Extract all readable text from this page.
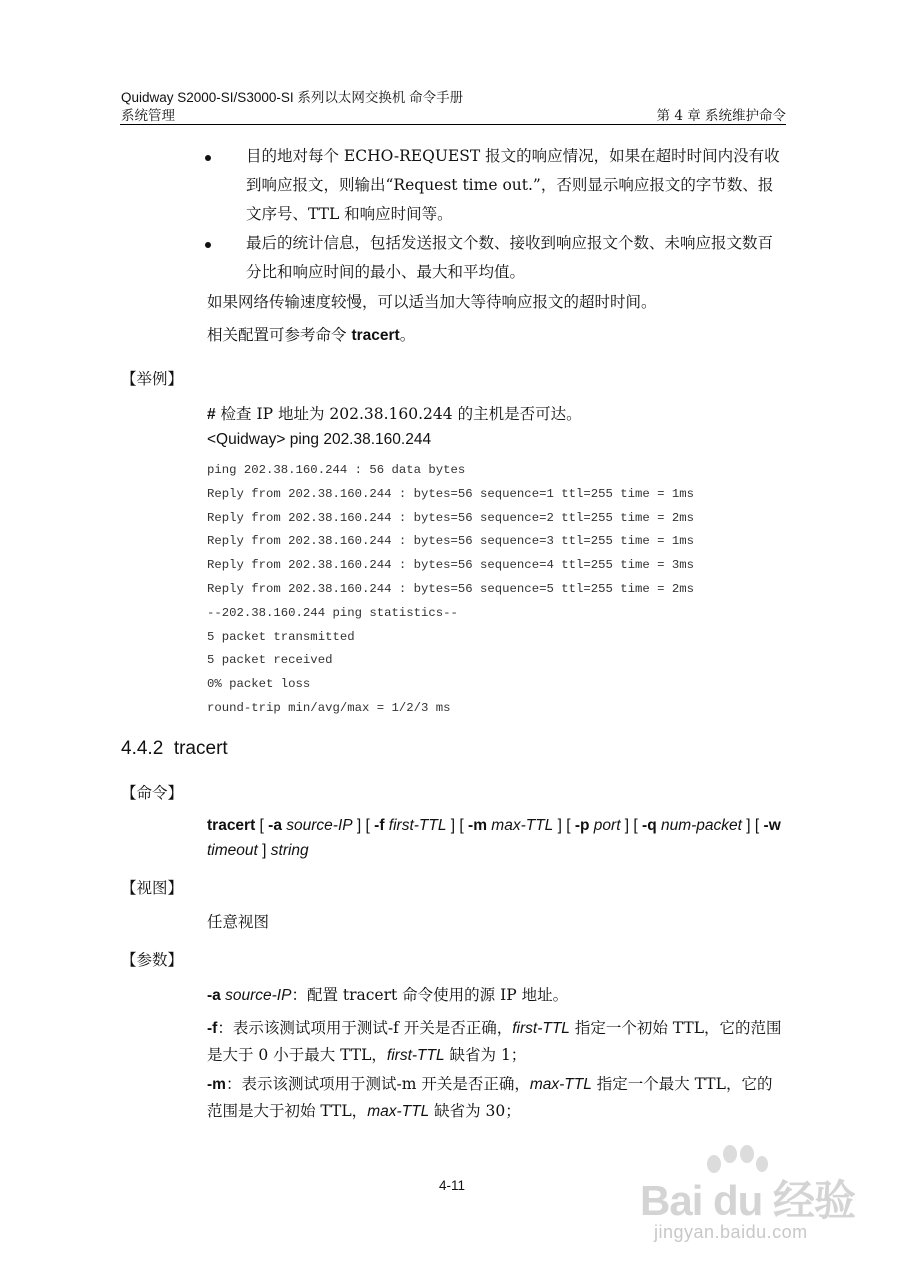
Quidway S2000-SI/S3000-SI 系列以太网交换机 命令手册
系统管理	第 4 章 系统维护命令
目的地对每个 ECHO-REQUEST 报文的响应情况，如果在超时时间内没有收
到响应报文，则输出“Request time out.”，否则显示响应报文的字节数、报
文序号、TTL 和响应时间等。
最后的统计信息，包括发送报文个数、接收到响应报文个数、未响应报文数百
分比和响应时间的最小、最大和平均值。
如果网络传输速度较慢，可以适当加大等待响应报文的超时时间。
相关配置可参考命令 tracert。
【举例】
# 检查 IP 地址为 202.38.160.244 的主机是否可达。
<Quidway> ping 202.38.160.244
ping 202.38.160.244 : 56 data bytes
Reply from 202.38.160.244 : bytes=56 sequence=1 ttl=255 time = 1ms
Reply from 202.38.160.244 : bytes=56 sequence=2 ttl=255 time = 2ms
Reply from 202.38.160.244 : bytes=56 sequence=3 ttl=255 time = 1ms
Reply from 202.38.160.244 : bytes=56 sequence=4 ttl=255 time = 3ms
Reply from 202.38.160.244 : bytes=56 sequence=5 ttl=255 time = 2ms
--202.38.160.244 ping statistics--
5 packet transmitted
5 packet received
0% packet loss
round-trip min/avg/max = 1/2/3 ms
4.4.2 tracert
【命令】
tracert [ -a source-IP ] [ -f first-TTL ] [ -m max-TTL ] [ -p port ] [ -q num-packet ] [ -w
timeout ] string
【视图】
任意视图
【参数】
-a source-IP：配置 tracert 命令使用的源 IP 地址。
-f：表示该测试项用于测试-f 开关是否正确，first-TTL 指定一个初始 TTL，它的范围
是大于 0 小于最大 TTL，first-TTL 缺省为 1；
-m：表示该测试项用于测试-m 开关是否正确，max-TTL 指定一个最大 TTL，它的
范围是大于初始 TTL，max-TTL 缺省为 30；
4-11	Bai du 经验
jingyan.baidu.com
